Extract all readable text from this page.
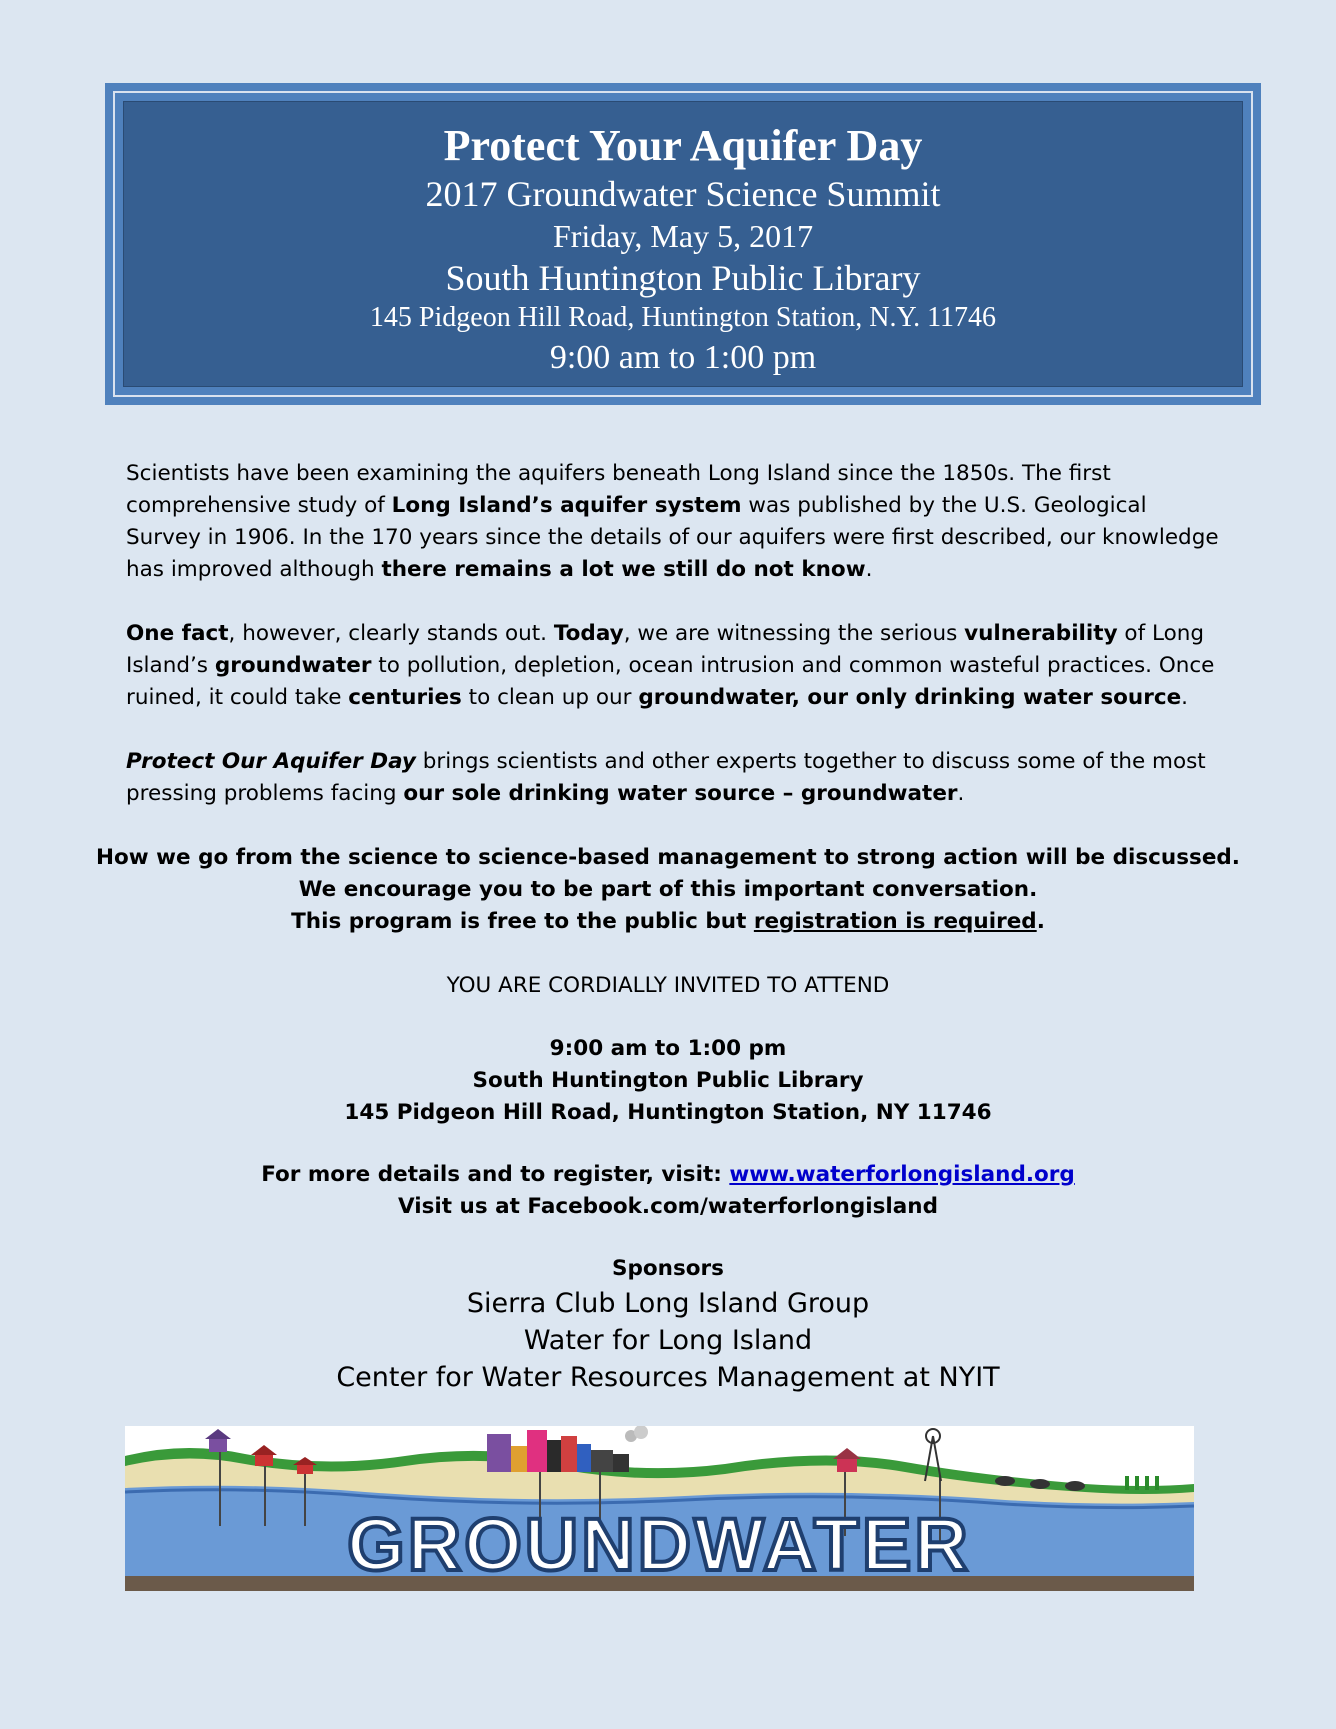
Protect Your Aquifer Day
2017 Groundwater Science Summit
Friday, May 5, 2017
South Huntington Public Library
145 Pidgeon Hill Road, Huntington Station, N.Y. 11746
9:00 am to 1:00 pm
Scientists have been examining the aquifers beneath Long Island since the 1850s. The first comprehensive study of Long Island’s aquifer system was published by the U.S. Geological Survey in 1906. In the 170 years since the details of our aquifers were first described, our knowledge has improved although there remains a lot we still do not know.
One fact, however, clearly stands out. Today, we are witnessing the serious vulnerability of Long Island’s groundwater to pollution, depletion, ocean intrusion and common wasteful practices. Once ruined, it could take centuries to clean up our groundwater, our only drinking water source.
Protect Our Aquifer Day brings scientists and other experts together to discuss some of the most pressing problems facing our sole drinking water source – groundwater.
How we go from the science to science-based management to strong action will be discussed.
We encourage you to be part of this important conversation.
This program is free to the public but registration is required.
YOU ARE CORDIALLY INVITED TO ATTEND
9:00 am to 1:00 pm
South Huntington Public Library
145 Pidgeon Hill Road, Huntington Station, NY 11746
For more details and to register, visit: www.waterforlongisland.org
Visit us at Facebook.com/waterforlongisland
Sponsors
Sierra Club Long Island Group
Water for Long Island
Center for Water Resources Management at NYIT
GROUNDWATER
